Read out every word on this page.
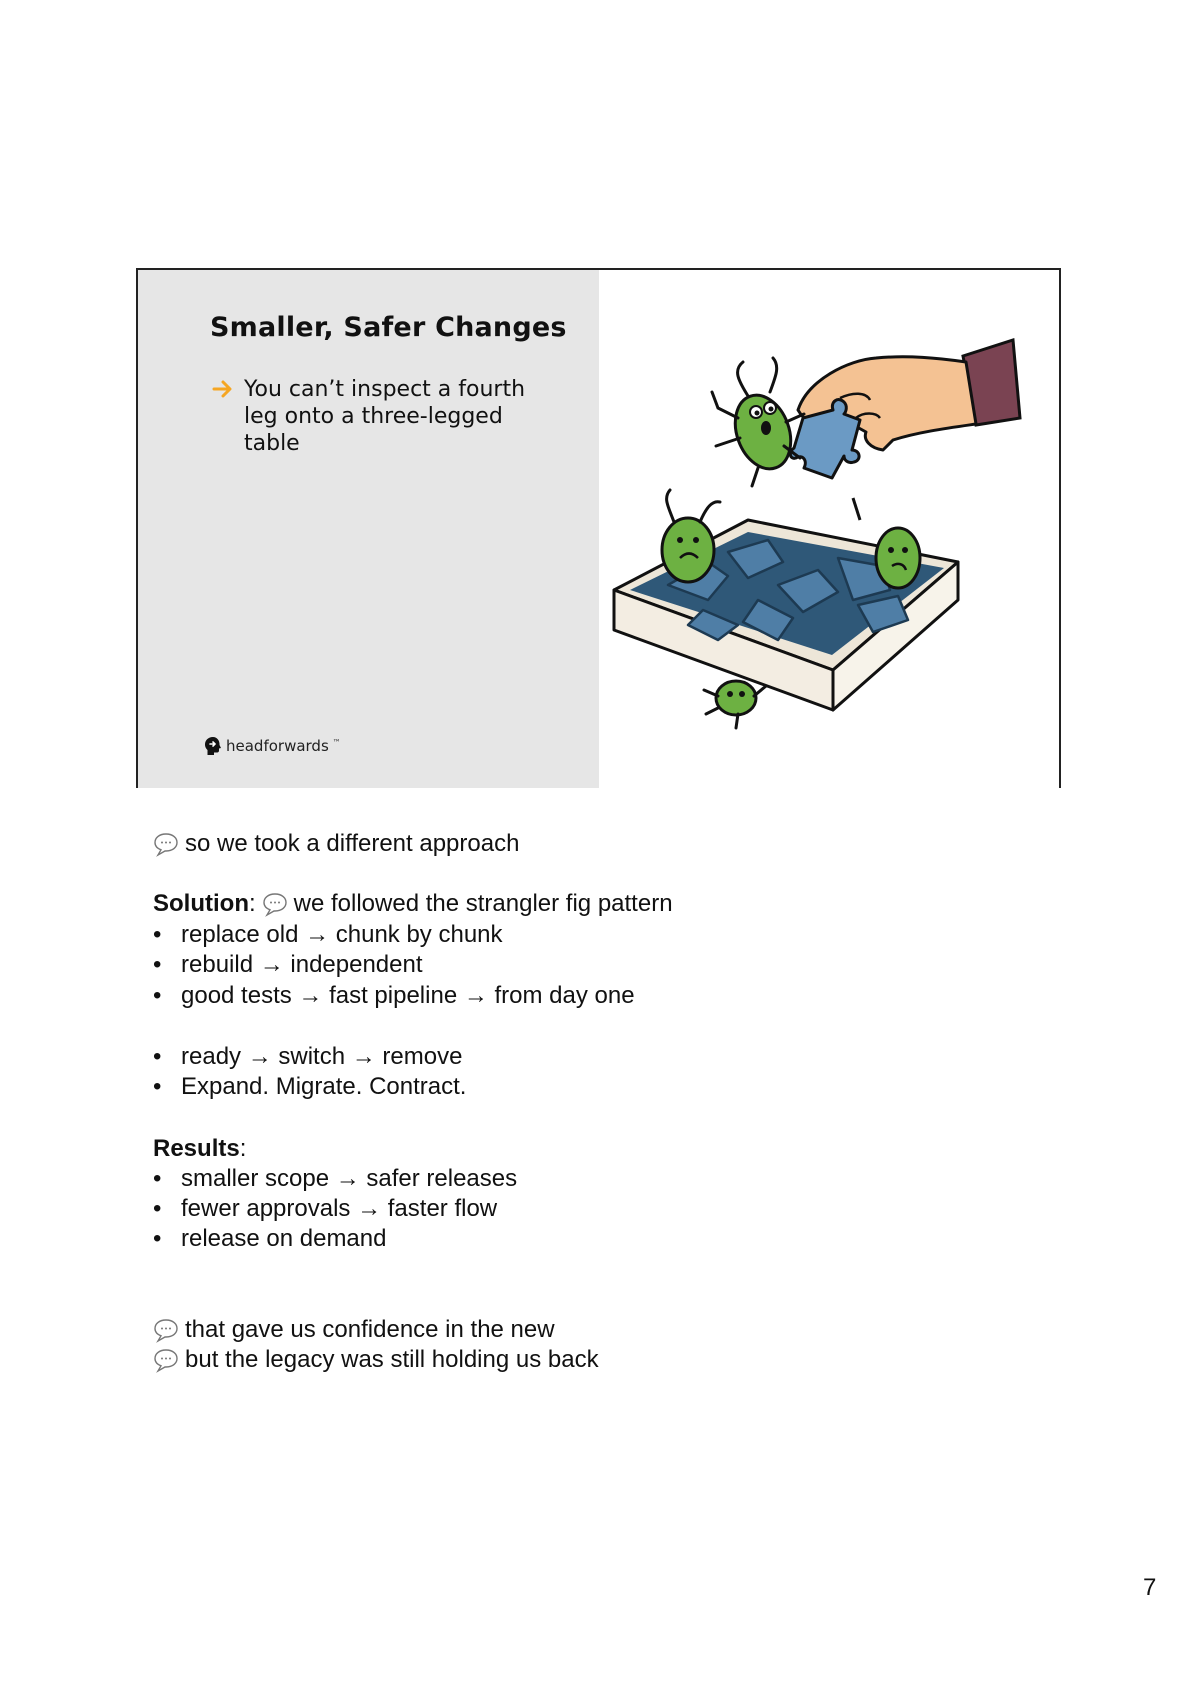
Smaller, Safer Changes
You can’t inspect a fourth leg onto a three-legged table
headforwards ™
so we took a different approach
Solution : we followed the strangler fig pattern
• replace old → chunk by chunk
• rebuild → independent
• good tests → fast pipeline → from day one
• ready → switch → remove
• Expand. Migrate. Contract.
Results :
• smaller scope → safer releases
• fewer approvals → faster flow
• release on demand
that gave us confidence in the new
but the legacy was still holding us back
7
